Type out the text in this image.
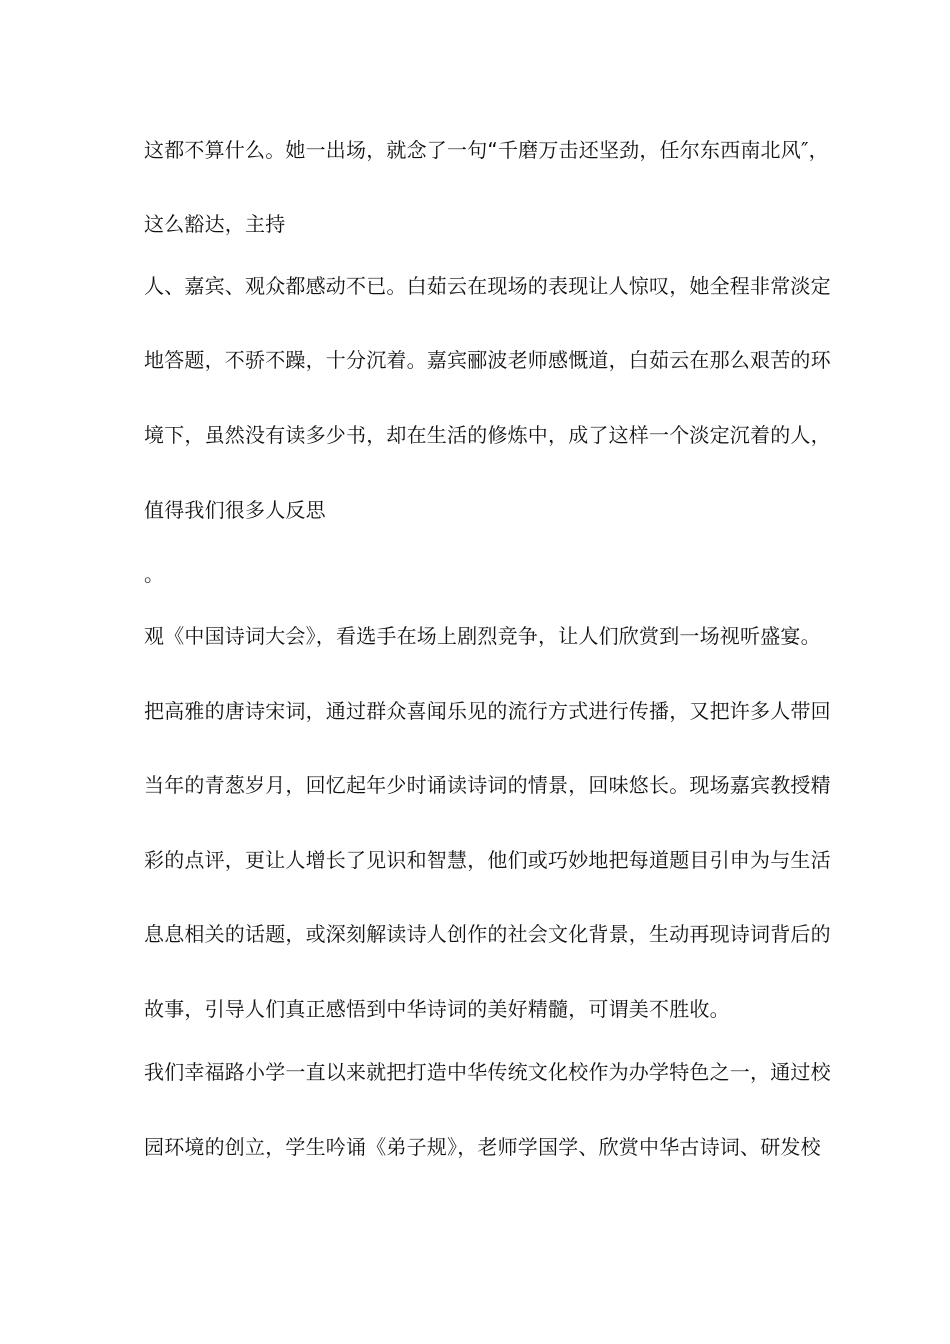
这都不算什么。她一出场，就念了一句“千磨万击还坚劲，任尔东西南北风″，

这么豁达，主持

人、嘉宾、观众都感动不已。白茹云在现场的表现让人惊叹，她全程非常淡定

地答题，不骄不躁，十分沉着。嘉宾郦波老师感慨道，白茹云在那么艰苦的环

境下，虽然没有读多少书，却在生活的修炼中，成了这样一个淡定沉着的人，

值得我们很多人反思

。

观《中国诗词大会》，看选手在场上剧烈竞争，让人们欣赏到一场视听盛宴。

把高雅的唐诗宋词，通过群众喜闻乐见的流行方式进行传播，又把许多人带回

当年的青葱岁月，回忆起年少时诵读诗词的情景，回味悠长。现场嘉宾教授精

彩的点评，更让人增长了见识和智慧，他们或巧妙地把每道题目引申为与生活

息息相关的话题，或深刻解读诗人创作的社会文化背景，生动再现诗词背后的

故事，引导人们真正感悟到中华诗词的美好精髓，可谓美不胜收。

我们幸福路小学一直以来就把打造中华传统文化校作为办学特色之一，通过校

园环境的创立，学生吟诵《弟子规》，老师学国学、欣赏中华古诗词、研发校
